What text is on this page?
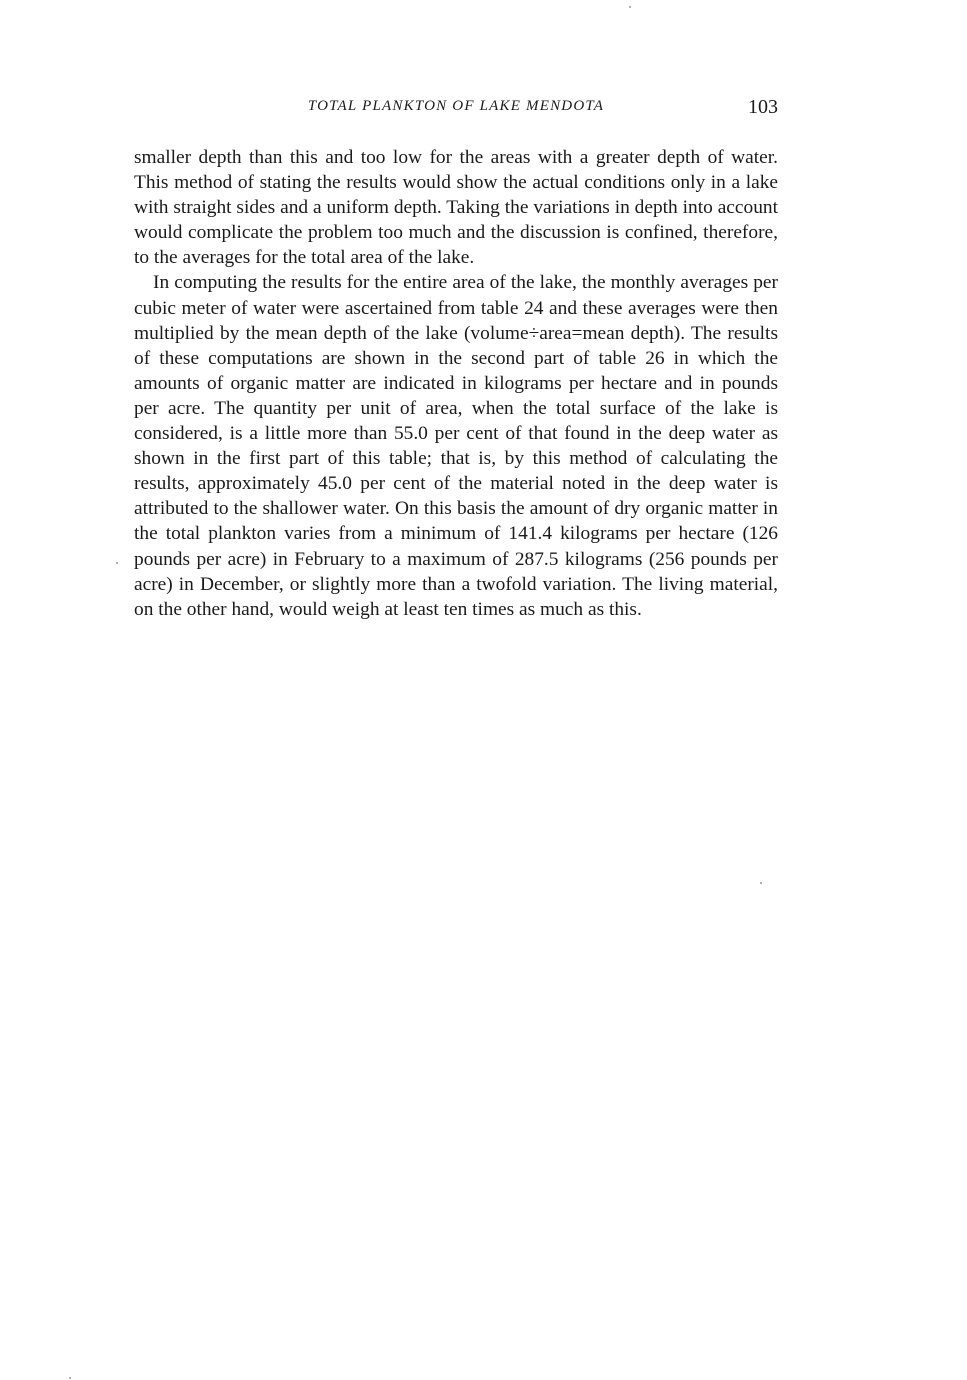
TOTAL PLANKTON OF LAKE MENDOTA	103

smaller depth than this and too low for the areas with a greater depth of water. This method of stating the results would show the actual conditions only in a lake with straight sides and a uniform depth. Taking the variations in depth into account would complicate the problem too much and the discussion is confined, therefore, to the averages for the total area of the lake.

In computing the results for the entire area of the lake, the monthly averages per cubic meter of water were ascertained from table 24 and these averages were then multiplied by the mean depth of the lake (volume÷area=mean depth). The results of these computations are shown in the second part of table 26 in which the amounts of organic matter are indicated in kilograms per hectare and in pounds per acre. The quantity per unit of area, when the total surface of the lake is considered, is a little more than 55.0 per cent of that found in the deep water as shown in the first part of this table; that is, by this method of calculating the results, approximately 45.0 per cent of the material noted in the deep water is attributed to the shallower water. On this basis the amount of dry organic matter in the total plankton varies from a minimum of 141.4 kilograms per hectare (126 pounds per acre) in February to a maximum of 287.5 kilograms (256 pounds per acre) in December, or slightly more than a twofold variation. The living material, on the other hand, would weigh at least ten times as much as this.
